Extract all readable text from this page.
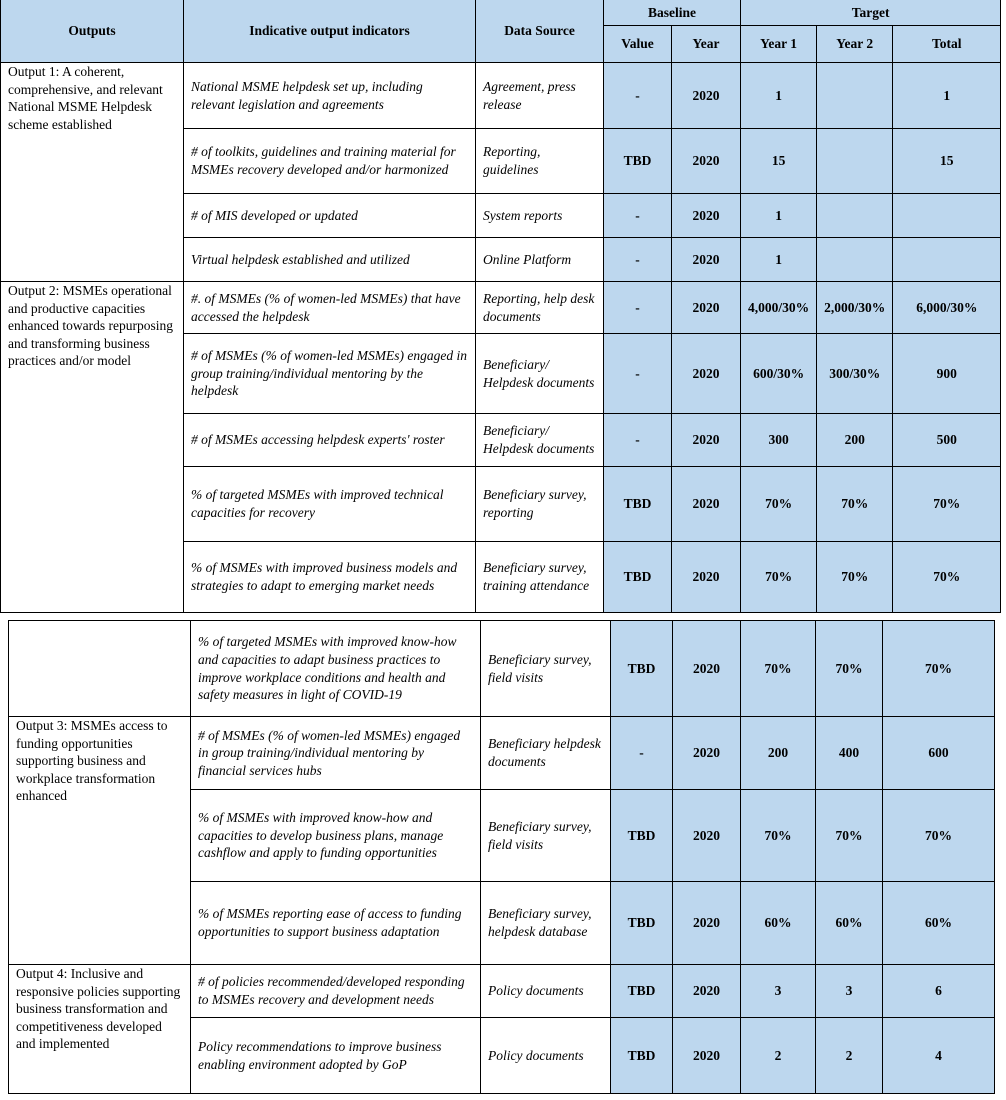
Outputs	Indicative output indicators	Data Source	Baseline		Target		
			Value	Year	Year 1	Year 2	Total
Output 1: A coherent, comprehensive, and relevant National MSME Helpdesk scheme established	National MSME helpdesk set up, including relevant legislation and agreements	Agreement, press release	-	2020	1		1
	# of toolkits, guidelines and training material for MSMEs recovery developed and/or harmonized	Reporting, guidelines	TBD	2020	15		15
	# of MIS developed or updated	System reports	-	2020	1		
	Virtual helpdesk established and utilized	Online Platform	-	2020	1		
Output 2: MSMEs operational and productive capacities enhanced towards repurposing and transforming business practices and/or model	#. of MSMEs (% of women-led MSMEs) that have accessed the helpdesk	Reporting, help desk documents	-	2020	4,000/30%	2,000/30%	6,000/30%
	# of MSMEs (% of women-led MSMEs) engaged in group training/individual mentoring by the helpdesk	Beneficiary/ Helpdesk documents	-	2020	600/30%	300/30%	900
	# of MSMEs accessing helpdesk experts' roster	Beneficiary/ Helpdesk documents	-	2020	300	200	500
	% of targeted MSMEs with improved technical capacities for recovery	Beneficiary survey, reporting	TBD	2020	70%	70%	70%
	% of MSMEs with improved business models and strategies to adapt to emerging market needs	Beneficiary survey, training attendance	TBD	2020	70%	70%	70%
	% of targeted MSMEs with improved know-how and capacities to adapt business practices to improve workplace conditions and health and safety measures in light of COVID-19	Beneficiary survey, field visits	TBD	2020	70%	70%	70%
Output 3: MSMEs access to funding opportunities supporting business and workplace transformation enhanced	# of MSMEs (% of women-led MSMEs) engaged in group training/individual mentoring by financial services hubs	Beneficiary helpdesk documents	-	2020	200	400	600
	% of MSMEs with improved know-how and capacities to develop business plans, manage cashflow and apply to funding opportunities	Beneficiary survey, field visits	TBD	2020	70%	70%	70%
	% of MSMEs reporting ease of access to funding opportunities to support business adaptation	Beneficiary survey, helpdesk database	TBD	2020	60%	60%	60%
Output 4: Inclusive and responsive policies supporting business transformation and competitiveness developed and implemented	# of policies recommended/developed responding to MSMEs recovery and development needs	Policy documents	TBD	2020	3	3	6
	Policy recommendations to improve business enabling environment adopted by GoP	Policy documents	TBD	2020	2	2	4
